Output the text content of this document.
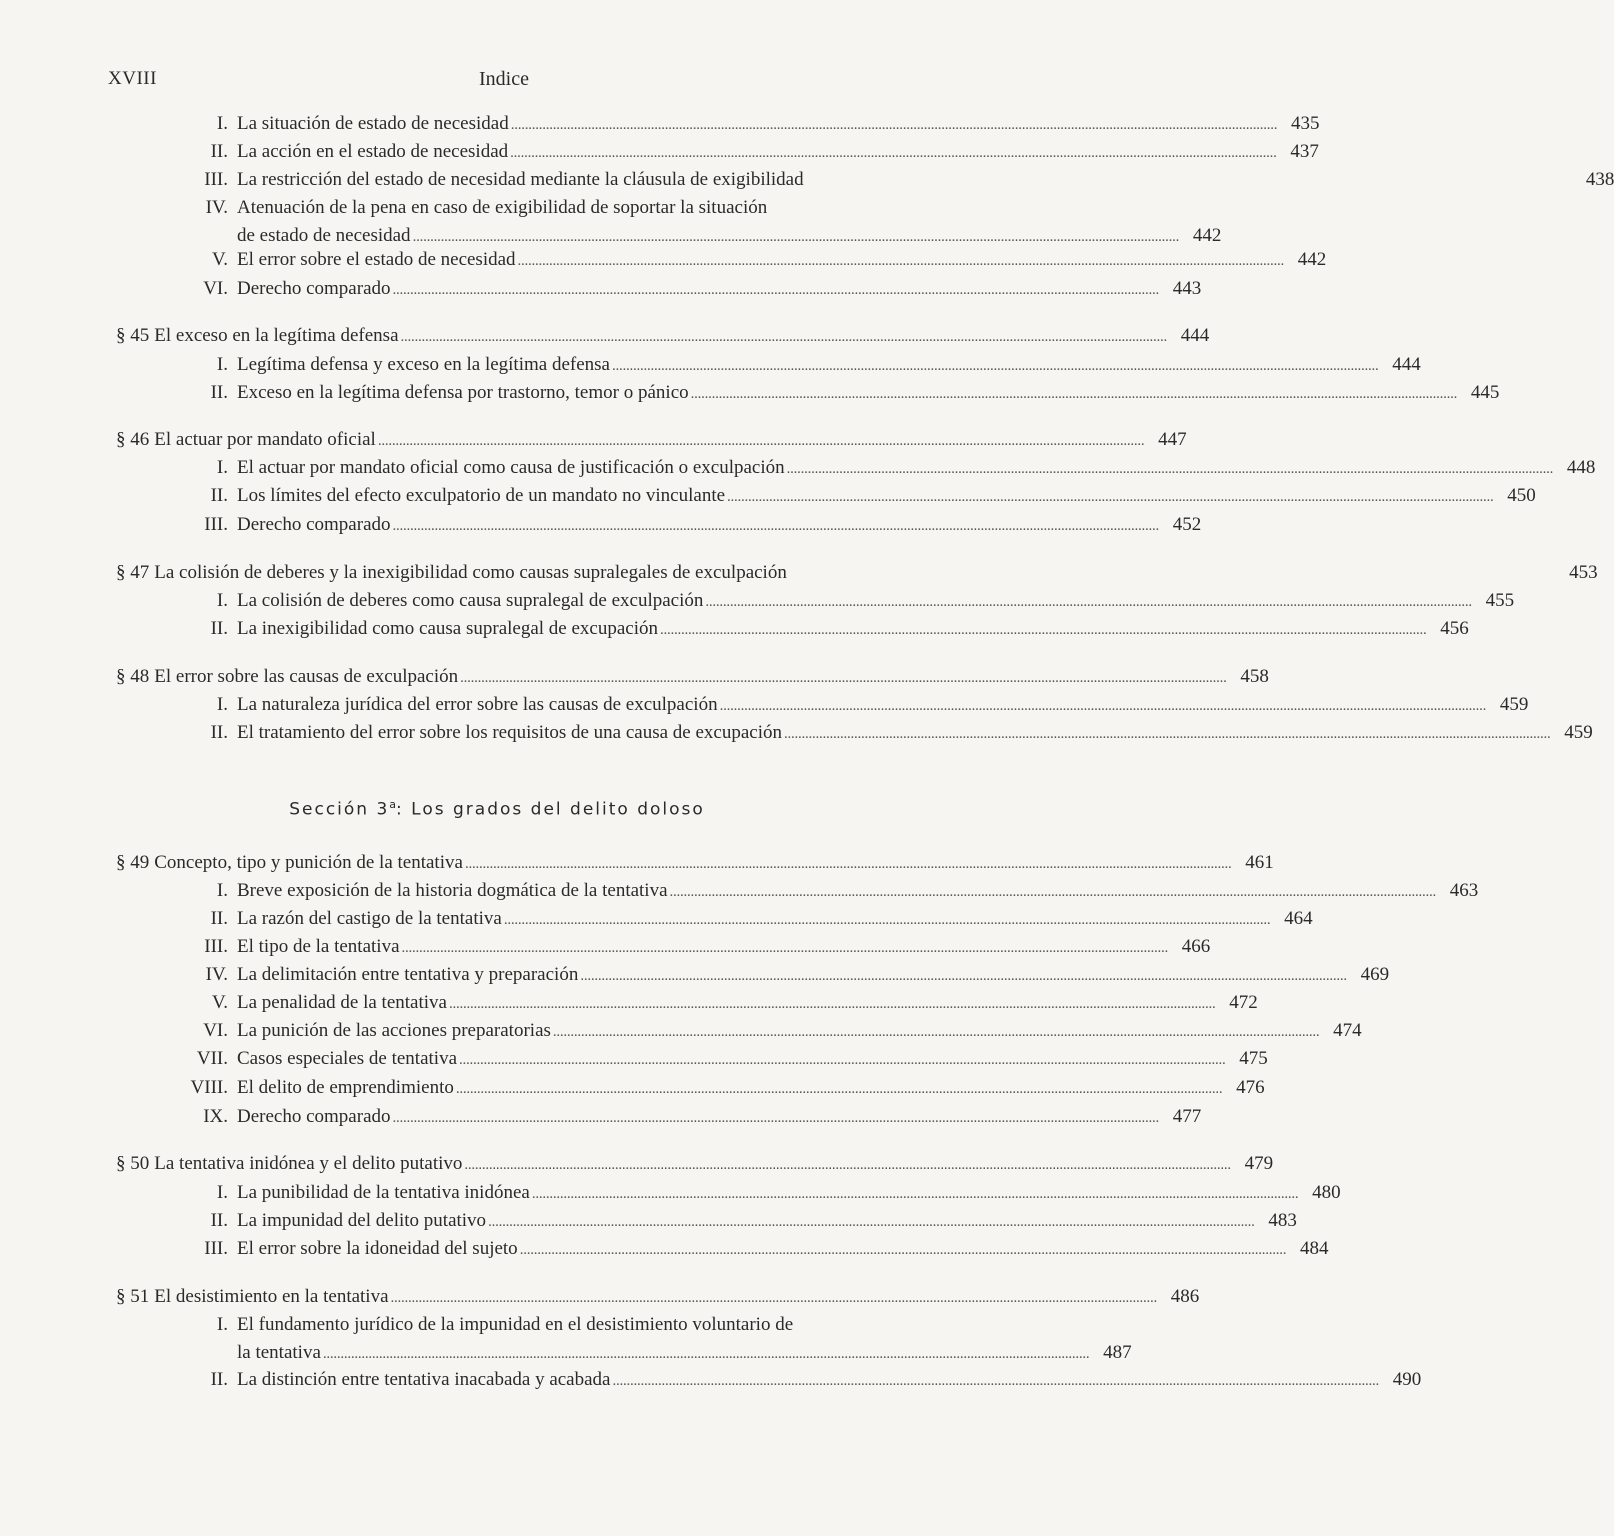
XVIII	Indice
I. La situación de estado de necesidad . . .	435
II. La acción en el estado de necesidad . . .	437
III. La restricción del estado de necesidad mediante la cláusula de exigibilidad	438
IV. Atenuación de la pena en caso de exigibilidad de soportar la situación
de estado de necesidad . . .	442
V. El error sobre el estado de necesidad . . .	442
VI. Derecho comparado . . .	443
§ 45 El exceso en la legítima defensa . . .	444
I. Legítima defensa y exceso en la legítima defensa . . .	444
II. Exceso en la legítima defensa por trastorno, temor o pánico . . .	445
§ 46 El actuar por mandato oficial . . .	447
I. El actuar por mandato oficial como causa de justificación o exculpación . . .	448
II. Los límites del efecto exculpatorio de un mandato no vinculante . . .	450
III. Derecho comparado . . .	452
§ 47 La colisión de deberes y la inexigibilidad como causas supralegales de exculpación	453
I. La colisión de deberes como causa supralegal de exculpación . . .	455
II. La inexigibilidad como causa supralegal de excupación . . .	456
§ 48 El error sobre las causas de exculpación . . .	458
I. La naturaleza jurídica del error sobre las causas de exculpación . . .	459
II. El tratamiento del error sobre los requisitos de una causa de excupación . . .	459
§ 49 Concepto, tipo y punición de la tentativa . . .	461
I. Breve exposición de la historia dogmática de la tentativa . . .	463
II. La razón del castigo de la tentativa . . .	464
III. El tipo de la tentativa . . .	466
IV. La delimitación entre tentativa y preparación . . .	469
V. La penalidad de la tentativa . . .	472
VI. La punición de las acciones preparatorias . . .	474
VII. Casos especiales de tentativa . . .	475
VIII. El delito de emprendimiento . . .	476
IX. Derecho comparado . . .	477
§ 50 La tentativa inidónea y el delito putativo . . .	479
I. La punibilidad de la tentativa inidónea . . .	480
II. La impunidad del delito putativo . . .	483
III. El error sobre la idoneidad del sujeto . . .	484
§ 51 El desistimiento en la tentativa . . .	486
I. El fundamento jurídico de la impunidad en el desistimiento voluntario de
la tentativa . . .	487
II. La distinción entre tentativa inacabada y acabada . . .	490
Sección 3$^a$: Los grados del delito doloso
